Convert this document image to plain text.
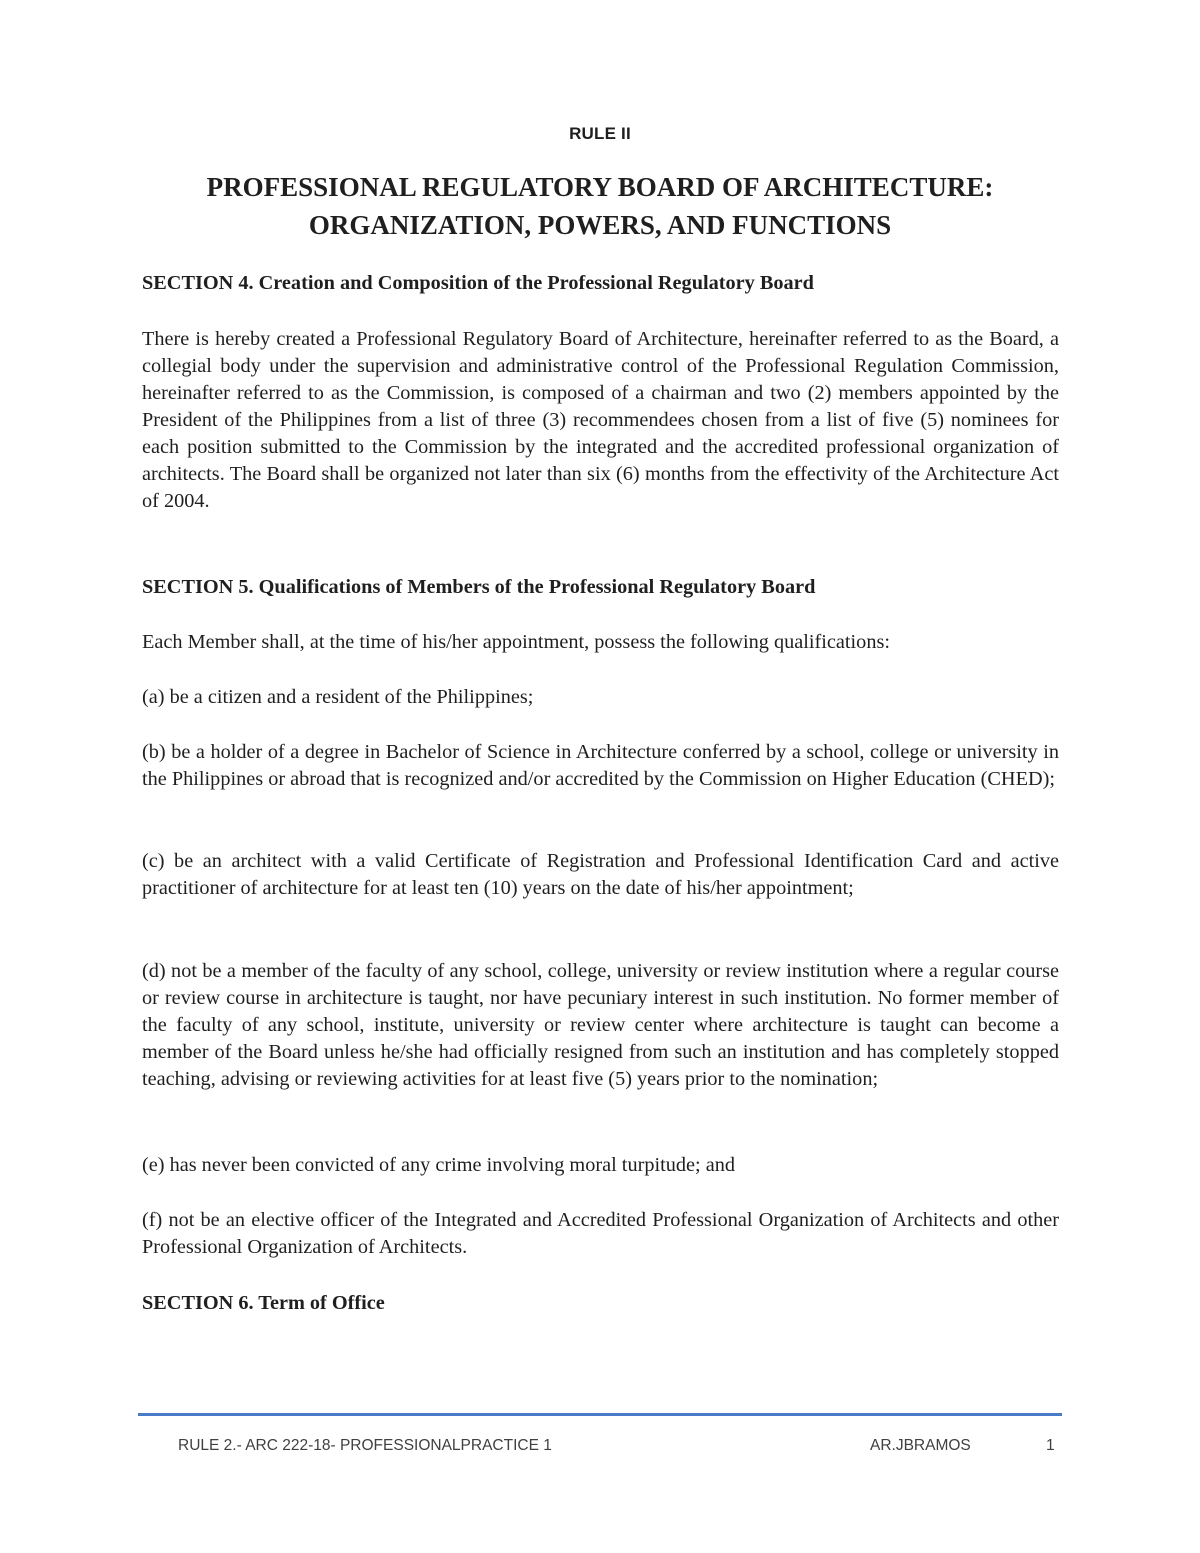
RULE II
PROFESSIONAL REGULATORY BOARD OF ARCHITECTURE:
ORGANIZATION, POWERS, AND FUNCTIONS

SECTION 4. Creation and Composition of the Professional Regulatory Board

There is hereby created a Professional Regulatory Board of Architecture, hereinafter referred to as the Board, a collegial body under the supervision and administrative control of the Professional Regulation Commission, hereinafter referred to as the Commission, is composed of a chairman and two (2) members appointed by the President of the Philippines from a list of three (3) recommendees chosen from a list of five (5) nominees for each position submitted to the Commission by the integrated and the accredited professional organization of architects. The Board shall be organized not later than six (6) months from the effectivity of the Architecture Act of 2004.

SECTION 5. Qualifications of Members of the Professional Regulatory Board

Each Member shall, at the time of his/her appointment, possess the following qualifications:

(a) be a citizen and a resident of the Philippines;

(b) be a holder of a degree in Bachelor of Science in Architecture conferred by a school, college or university in the Philippines or abroad that is recognized and/or accredited by the Commission on Higher Education (CHED);

(c) be an architect with a valid Certificate of Registration and Professional Identification Card and active practitioner of architecture for at least ten (10) years on the date of his/her appointment;

(d) not be a member of the faculty of any school, college, university or review institution where a regular course or review course in architecture is taught, nor have pecuniary interest in such institution. No former member of the faculty of any school, institute, university or review center where architecture is taught can become a member of the Board unless he/she had officially resigned from such an institution and has completely stopped teaching, advising or reviewing activities for at least five (5) years prior to the nomination;

(e) has never been convicted of any crime involving moral turpitude; and

(f) not be an elective officer of the Integrated and Accredited Professional Organization of Architects and other Professional Organization of Architects.

SECTION 6. Term of Office

RULE 2.- ARC 222-18- PROFESSIONALPRACTICE 1	AR.JBRAMOS	1
